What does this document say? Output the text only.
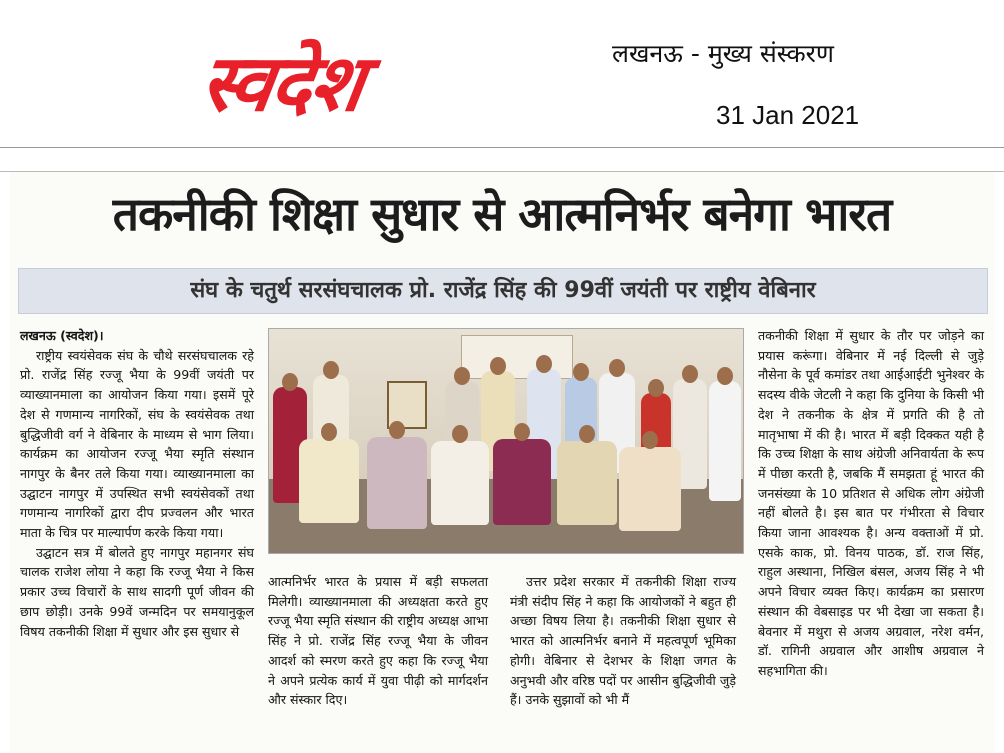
स्वदेश	लखनऊ - मुख्य संस्करण
31 Jan 2021
तकनीकी शिक्षा सुधार से आत्मनिर्भर बनेगा भारत
संघ के चतुर्थ सरसंघचालक प्रो. राजेंद्र सिंह की 99वीं जयंती पर राष्ट्रीय वेबिनार

लखनऊ (स्वदेश)।

राष्ट्रीय स्वयंसेवक संघ के चौथे सरसंघचालक रहे प्रो. राजेंद्र सिंह रज्जू भैया के 99वीं जयंती पर व्याख्यानमाला का आयोजन किया गया। इसमें पूरे देश से गणमान्य नागरिकों, संघ के स्वयंसेवक तथा बुद्धिजीवी वर्ग ने वेबिनार के माध्यम से भाग लिया। कार्यक्रम का आयोजन रज्जू भैया स्मृति संस्थान नागपुर के बैनर तले किया गया। व्याख्यानमाला का उद्घाटन नागपुर में उपस्थित सभी स्वयंसेवकों तथा गणमान्य नागरिकों द्वारा दीप प्रज्वलन और भारत माता के चित्र पर माल्यार्पण करके किया गया।

उद्घाटन सत्र में बोलते हुए नागपुर महानगर संघ चालक राजेश लोया ने कहा कि रज्जू भैया ने किस प्रकार उच्च विचारों के साथ सादगी पूर्ण जीवन की छाप छोड़ी। उनके 99वें जन्मदिन पर समयानुकूल विषय तकनीकी शिक्षा में सुधार और इस सुधार से

आत्मनिर्भर भारत के प्रयास में बड़ी सफलता मिलेगी। व्याख्यानमाला की अध्यक्षता करते हुए रज्जू भैया स्मृति संस्थान की राष्ट्रीय अध्यक्ष आभा सिंह ने प्रो. राजेंद्र सिंह रज्जू भैया के जीवन आदर्श को स्मरण करते हुए कहा कि रज्जू भैया ने अपने प्रत्येक कार्य में युवा पीढ़ी को मार्गदर्शन और संस्कार दिए।

उत्तर प्रदेश सरकार में तकनीकी शिक्षा राज्य मंत्री संदीप सिंह ने कहा कि आयोजकों ने बहुत ही अच्छा विषय लिया है। तकनीकी शिक्षा सुधार से भारत को आत्मनिर्भर बनाने में महत्वपूर्ण भूमिका होगी। वेबिनार से देशभर के शिक्षा जगत के अनुभवी और वरिष्ठ पदों पर आसीन बुद्धिजीवी जुड़े हैं। उनके सुझावों को भी मैं

तकनीकी शिक्षा में सुधार के तौर पर जोड़ने का प्रयास करूंगा। वेबिनार में नई दिल्ली से जुड़े नौसेना के पूर्व कमांडर तथा आईआईटी भुनेश्वर के सदस्य वीके जेटली ने कहा कि दुनिया के किसी भी देश ने तकनीक के क्षेत्र में प्रगति की है तो मातृभाषा में की है। भारत में बड़ी दिक्कत यही है कि उच्च शिक्षा के साथ अंग्रेजी अनिवार्यता के रूप में पीछा करती है, जबकि मैं समझता हूं भारत की जनसंख्या के 10 प्रतिशत से अधिक लोग अंग्रेजी नहीं बोलते है। इस बात पर गंभीरता से विचार किया जाना आवश्यक है। अन्य वक्ताओं में प्रो. एसके काक, प्रो. विनय पाठक, डॉ. राज सिंह, राहुल अस्थाना, निखिल बंसल, अजय सिंह ने भी अपने विचार व्यक्त किए। कार्यक्रम का प्रसारण संस्थान की वेबसाइड पर भी देखा जा सकता है। बेवनार में मथुरा से अजय अग्रवाल, नरेश वर्मन, डॉ. रागिनी अग्रवाल और आशीष अग्रवाल ने सहभागिता की।
